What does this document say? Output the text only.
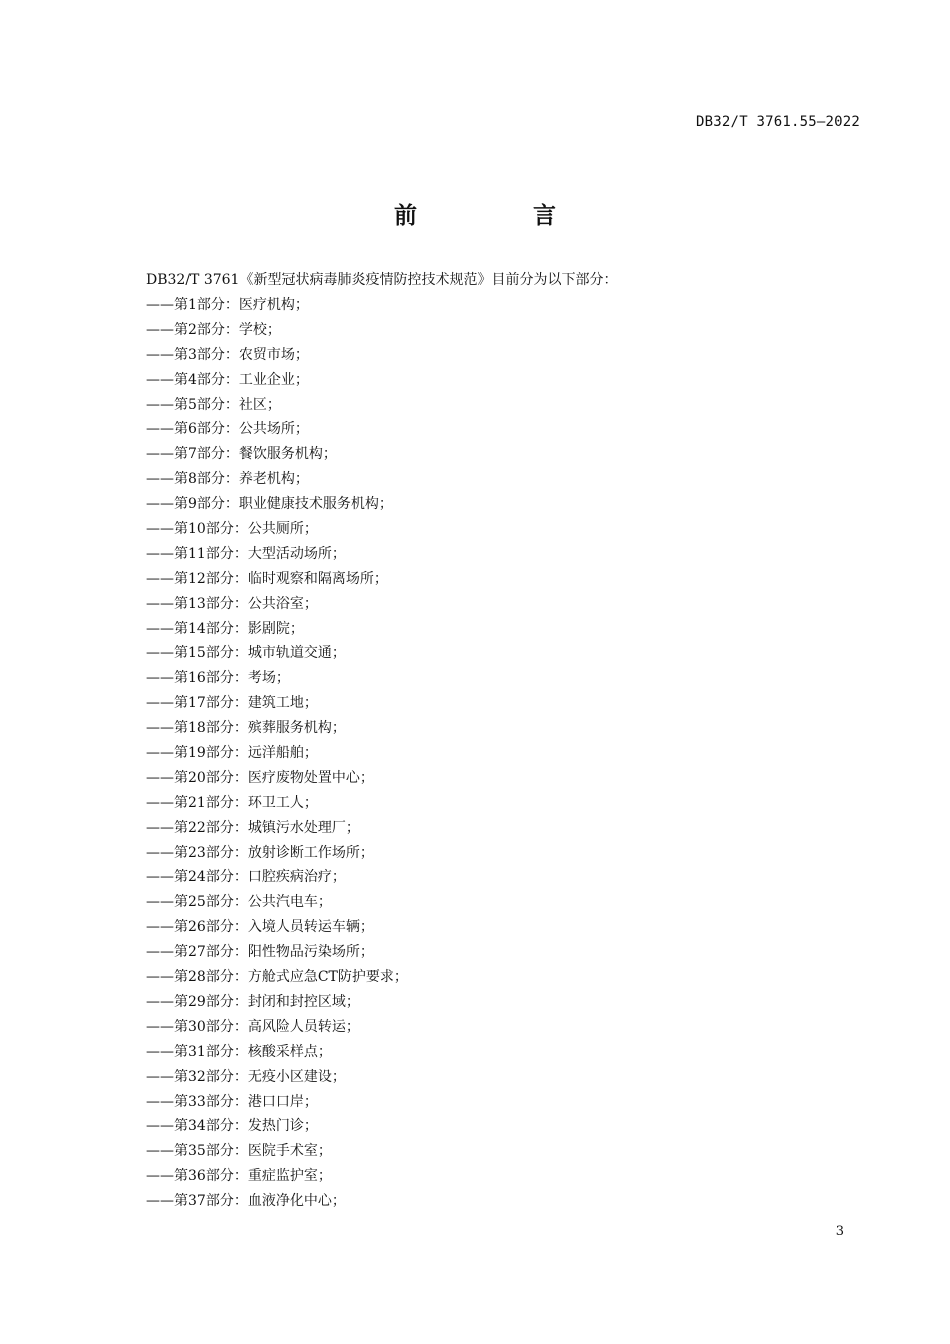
DB32/T 3761.55—2022
前 言
DB32/T 3761《新型冠状病毒肺炎疫情防控技术规范》目前分为以下部分：
——第1部分：医疗机构；
——第2部分：学校；
——第3部分：农贸市场；
——第4部分：工业企业；
——第5部分：社区；
——第6部分：公共场所；
——第7部分：餐饮服务机构；
——第8部分：养老机构；
——第9部分：职业健康技术服务机构；
——第10部分：公共厕所；
——第11部分：大型活动场所；
——第12部分：临时观察和隔离场所；
——第13部分：公共浴室；
——第14部分：影剧院；
——第15部分：城市轨道交通；
——第16部分：考场；
——第17部分：建筑工地；
——第18部分：殡葬服务机构；
——第19部分：远洋船舶；
——第20部分：医疗废物处置中心；
——第21部分：环卫工人；
——第22部分：城镇污水处理厂；
——第23部分：放射诊断工作场所；
——第24部分：口腔疾病治疗；
——第25部分：公共汽电车；
——第26部分：入境人员转运车辆；
——第27部分：阳性物品污染场所；
——第28部分：方舱式应急CT防护要求；
——第29部分：封闭和封控区域；
——第30部分：高风险人员转运；
——第31部分：核酸采样点；
——第32部分：无疫小区建设；
——第33部分：港口口岸；
——第34部分：发热门诊；
——第35部分：医院手术室；
——第36部分：重症监护室；
——第37部分：血液净化中心；
3
